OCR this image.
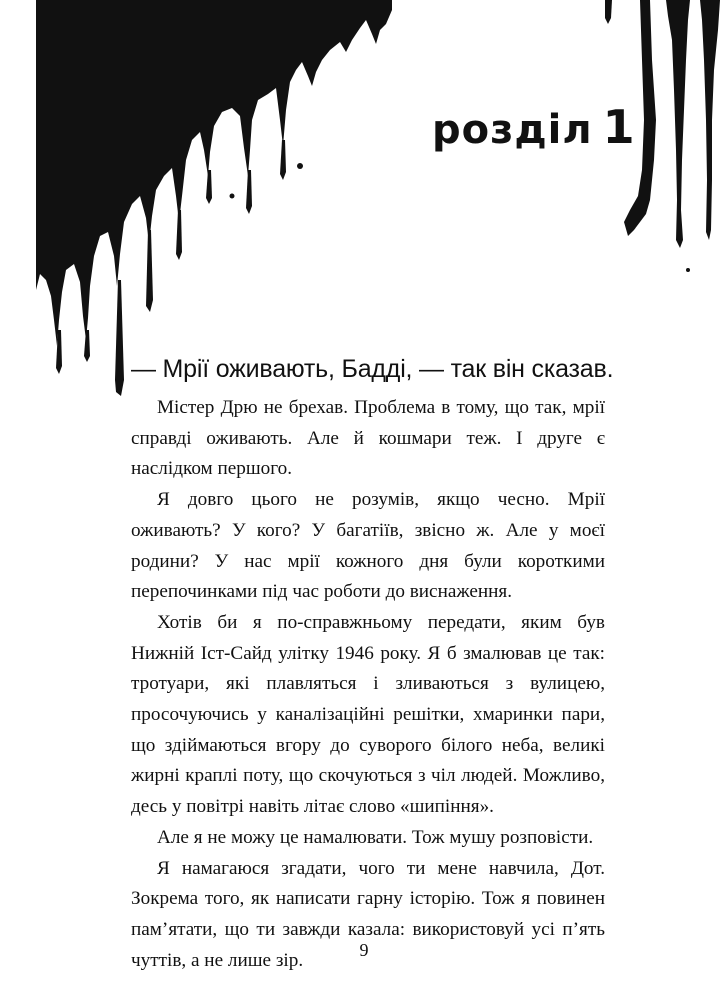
розділ 1
— Мрії оживають, Бадді, — так він сказав.

Містер Дрю не брехав. Проблема в тому, що так, мрії справді оживають. Але й кошмари теж. І друге є наслідком першого.

Я довго цього не розумів, якщо чесно. Мрії оживають? У кого? У багатіїв, звісно ж. Але у моєї родини? У нас мрії кожного дня були короткими перепочинками під час роботи до виснаження.

Хотів би я по-справжньому передати, яким був Нижній Іст-Сайд улітку 1946 року. Я б змалював це так: тротуари, які плавляться і зливаються з вулицею, просочуючись у каналізаційні решітки, хмаринки пари, що здіймаються вгору до суворого білого неба, великі жирні краплі поту, що скочуються з чіл людей. Можливо, десь у повітрі навіть літає слово «шипіння».

Але я не можу це намалювати. Тож мушу розповісти.

Я намагаюся згадати, чого ти мене навчила, Дот. Зокрема того, як написати гарну історію. Тож я повинен пам’ятати, що ти завжди казала: використовуй усі п’ять чуттів, а не лише зір.	9
